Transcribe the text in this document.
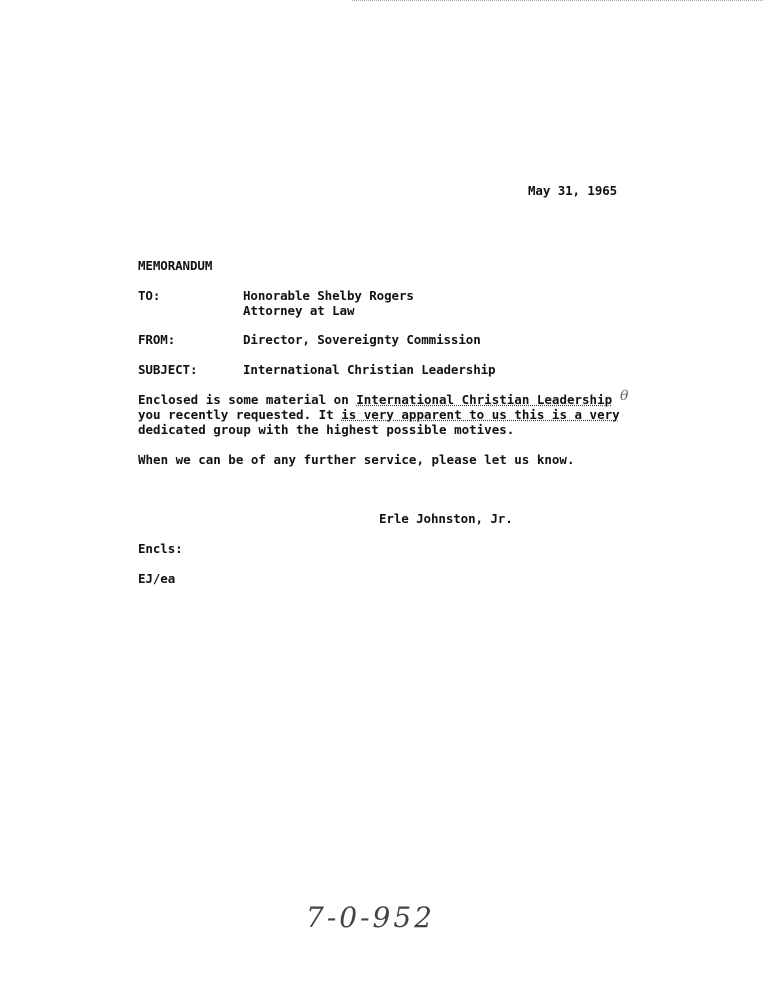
May 31, 1965
MEMORANDUM
TO:	Honorable Shelby Rogers
Attorney at Law
FROM:	Director, Sovereignty Commission
SUBJECT:	International Christian Leadership
Enclosed is some material on International Christian Leadership θ
you recently requested. It is very apparent to us this is a very
dedicated group with the highest possible motives.
When we can be of any further service, please let us know.
Erle Johnston, Jr.
Encls:
EJ/ea
7-0-952
